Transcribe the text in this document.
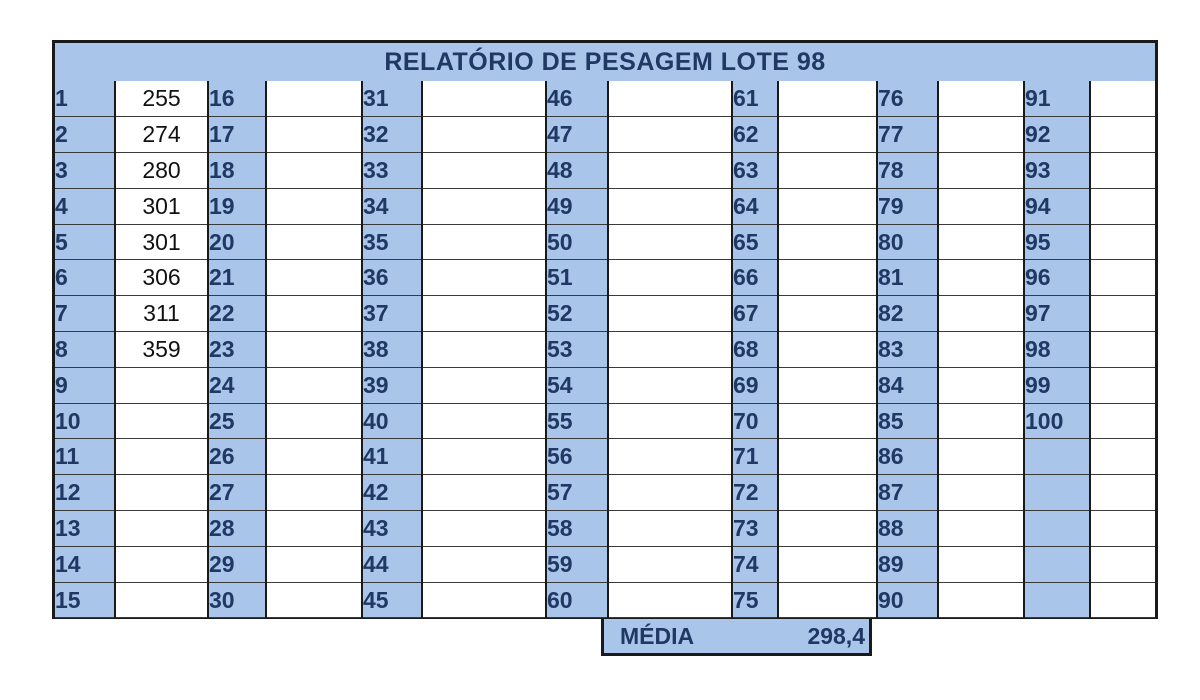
RELATÓRIO DE PESAGEM LOTE 98
1	255	16		31		46		61		76		91	
2	274	17		32		47		62		77		92	
3	280	18		33		48		63		78		93	
4	301	19		34		49		64		79		94	
5	301	20		35		50		65		80		95	
6	306	21		36		51		66		81		96	
7	311	22		37		52		67		82		97	
8	359	23		38		53		68		83		98	
9		24		39		54		69		84		99	
10		25		40		55		70		85		100	
11		26		41		56		71		86			
12		27		42		57		72		87			
13		28		43		58		73		88			
14		29		44		59		74		89			
15		30		45		60		75		90			
MÉDIA	298,4
